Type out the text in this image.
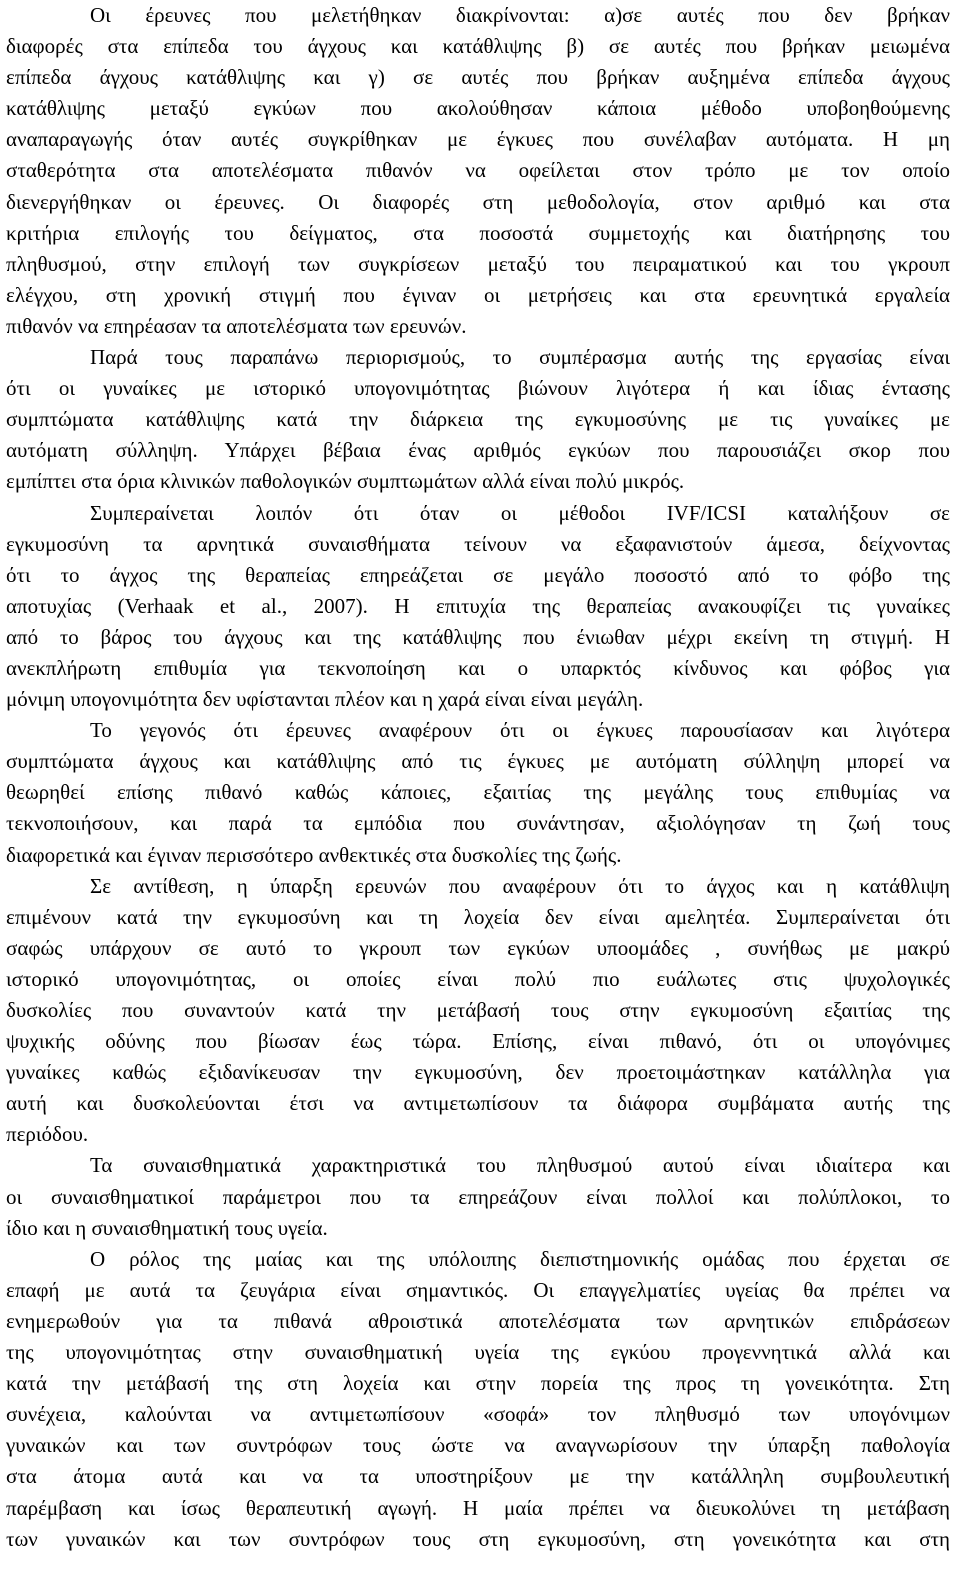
Οι έρευνες που μελετήθηκαν διακρίνονται: α)σε αυτές που δεν βρήκαν
διαφορές στα επίπεδα του άγχους και κατάθλιψης β) σε αυτές που βρήκαν μειωμένα
επίπεδα άγχους κατάθλιψης και γ) σε αυτές που βρήκαν αυξημένα επίπεδα άγχους
κατάθλιψης μεταξύ εγκύων που ακολούθησαν κάποια μέθοδο υποβοηθούμενης
αναπαραγωγής όταν αυτές συγκρίθηκαν με έγκυες που συνέλαβαν αυτόματα. Η μη
σταθερότητα στα αποτελέσματα πιθανόν να οφείλεται στον τρόπο με τον οποίο
διενεργήθηκαν οι έρευνες. Οι διαφορές στη μεθοδολογία, στον αριθμό και στα
κριτήρια επιλογής του δείγματος, στα ποσοστά συμμετοχής και διατήρησης του
πληθυσμού, στην επιλογή των συγκρίσεων μεταξύ του πειραματικού και του γκρουπ
ελέγχου, στη χρονική στιγμή που έγιναν οι μετρήσεις και στα ερευνητικά εργαλεία
πιθανόν να επηρέασαν τα αποτελέσματα των ερευνών.
Παρά τους παραπάνω περιορισμούς, το συμπέρασμα αυτής της εργασίας είναι
ότι οι γυναίκες με ιστορικό υπογονιμότητας βιώνουν λιγότερα ή και ίδιας έντασης
συμπτώματα κατάθλιψης κατά την διάρκεια της εγκυμοσύνης με τις γυναίκες με
αυτόματη σύλληψη. Υπάρχει βέβαια ένας αριθμός εγκύων που παρουσιάζει σκορ που
εμπίπτει στα όρια κλινικών παθολογικών συμπτωμάτων αλλά είναι πολύ μικρός.
Συμπεραίνεται λοιπόν ότι όταν οι μέθοδοι IVF/ICSI καταλήξουν σε
εγκυμοσύνη τα αρνητικά συναισθήματα τείνουν να εξαφανιστούν άμεσα, δείχνοντας
ότι το άγχος της θεραπείας επηρεάζεται σε μεγάλο ποσοστό από το φόβο της
αποτυχίας (Verhaak et al., 2007). Η επιτυχία της θεραπείας ανακουφίζει τις γυναίκες
από το βάρος του άγχους και της κατάθλιψης που ένιωθαν μέχρι εκείνη τη στιγμή. Η
ανεκπλήρωτη επιθυμία για τεκνοποίηση και ο υπαρκτός κίνδυνος και φόβος για
μόνιμη υπογονιμότητα δεν υφίστανται πλέον και η χαρά είναι είναι μεγάλη.
Το γεγονός ότι έρευνες αναφέρουν ότι οι έγκυες παρουσίασαν και λιγότερα
συμπτώματα άγχους και κατάθλιψης από τις έγκυες με αυτόματη σύλληψη μπορεί να
θεωρηθεί επίσης πιθανό καθώς κάποιες, εξαιτίας της μεγάλης τους επιθυμίας να
τεκνοποιήσουν, και παρά τα εμπόδια που συνάντησαν, αξιολόγησαν τη ζωή τους
διαφορετικά και έγιναν περισσότερο ανθεκτικές στα δυσκολίες της ζωής.
Σε αντίθεση, η ύπαρξη ερευνών που αναφέρουν ότι το άγχος και η κατάθλιψη
επιμένουν κατά την εγκυμοσύνη και τη λοχεία δεν είναι αμελητέα. Συμπεραίνεται ότι
σαφώς υπάρχουν σε αυτό το γκρουπ των εγκύων υποομάδες , συνήθως με μακρύ
ιστορικό υπογονιμότητας, οι οποίες είναι πολύ πιο ευάλωτες στις ψυχολογικές
δυσκολίες που συναντούν κατά την μετάβασή τους στην εγκυμοσύνη εξαιτίας της
ψυχικής οδύνης που βίωσαν έως τώρα. Επίσης, είναι πιθανό, ότι οι υπογόνιμες
γυναίκες καθώς εξιδανίκευσαν την εγκυμοσύνη, δεν προετοιμάστηκαν κατάλληλα για
αυτή και δυσκολεύονται έτσι να αντιμετωπίσουν τα διάφορα συμβάματα αυτής της
περιόδου.
Τα συναισθηματικά χαρακτηριστικά του πληθυσμού αυτού είναι ιδιαίτερα και
οι συναισθηματικοί παράμετροι που τα επηρεάζουν είναι πολλοί και πολύπλοκοι, το
ίδιο και η συναισθηματική τους υγεία.
Ο ρόλος της μαίας και της υπόλοιπης διεπιστημονικής ομάδας που έρχεται σε
επαφή με αυτά τα ζευγάρια είναι σημαντικός. Οι επαγγελματίες υγείας θα πρέπει να
ενημερωθούν για τα πιθανά αθροιστικά αποτελέσματα των αρνητικών επιδράσεων
της υπογονιμότητας στην συναισθηματική υγεία της εγκύου προγεννητικά αλλά και
κατά την μετάβασή της στη λοχεία και στην πορεία της προς τη γονεικότητα. Στη
συνέχεια, καλούνται να αντιμετωπίσουν «σοφά» τον πληθυσμό των υπογόνιμων
γυναικών και των συντρόφων τους ώστε να αναγνωρίσουν την ύπαρξη παθολογία
στα άτομα αυτά και να τα υποστηρίξουν με την κατάλληλη συμβουλευτική
παρέμβαση και ίσως θεραπευτική αγωγή. Η μαία πρέπει να διευκολύνει τη μετάβαση
των γυναικών και των συντρόφων τους στη εγκυμοσύνη, στη γονεικότητα και στη
